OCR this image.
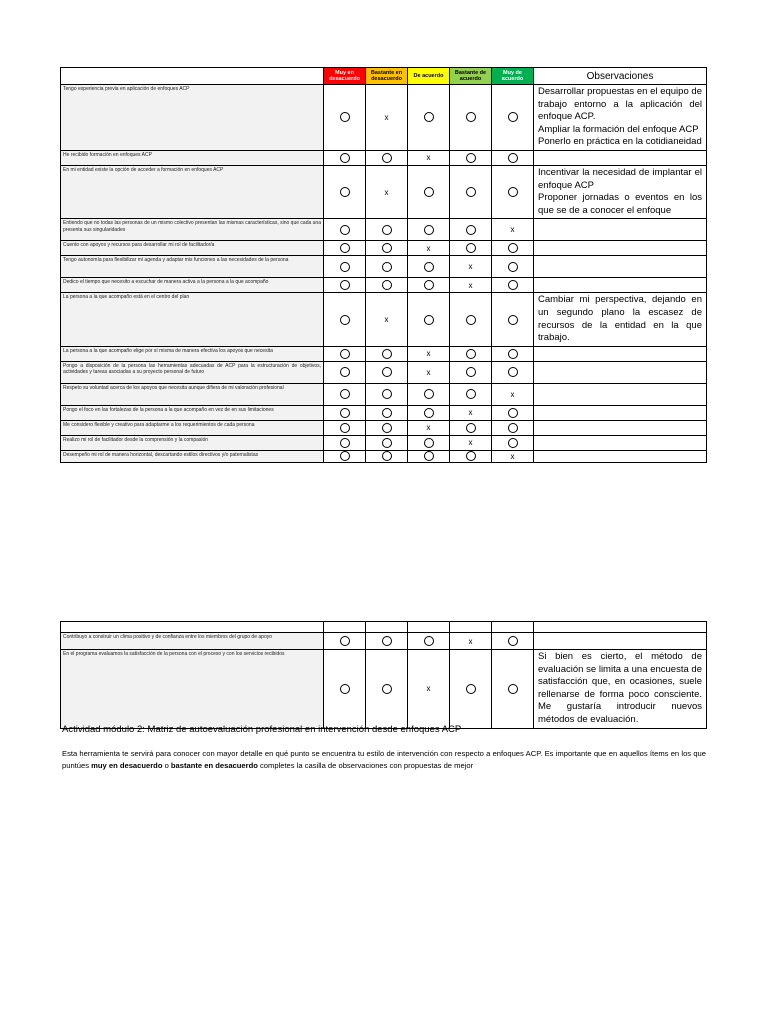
	Muy en desacuerdo	Bastante en desacuerdo	De acuerdo	Bastante de acuerdo	Muy de acuerdo	Observaciones
Tengo experiencia previa en aplicación de enfoques ACP		x				Desarrollar propuestas en el equipo de trabajo entorno a la aplicación del enfoque ACP.
Ampliar la formación del enfoque ACP
Ponerlo en práctica en la cotidianeidad
He recibido formación en enfoques ACP			x			
En mi entidad existe la opción de acceder a formación en enfoques ACP		x				Incentivar la necesidad de implantar el enfoque ACP
Proponer jornadas o eventos en los que se de a conocer el enfoque
Entiendo que no todas las personas de un mismo colectivo presentan las mismas características, sino que cada una presenta sus singularidades					x	
Cuento con apoyos y recursos para desarrollar mi rol de facilitador/a			x			
Tengo autonomía para flexibilizar mi agenda y adaptar mis funciones a las necesidades de la persona				x		
Dedico el tiempo que necesito a escuchar de manera activa a la persona a la que acompaño				x		
La persona a la que acompaño está en el centro del plan		x				Cambiar mi perspectiva, dejando en un segundo plano la escasez de recursos de la entidad en la que trabajo.
La persona a la que acompaño elige por sí misma de manera efectiva los apoyos que necesita			x			
Pongo a disposición de la persona las herramientas adecuadas de ACP para la estructuración de objetivos, actividades y tareas asociadas a su proyecto personal de futuro			x			
Respeto su voluntad acerca de los apoyos que necesita aunque difiera de mi valoración profesional					x	
Pongo el foco en las fortalezas de la persona a la que acompaño en vez de en sus limitaciones				x		
Me considero flexible y creativo para adaptarme a los requerimientos de cada persona			x			
Realizo mi rol de facilitador desde la comprensión y la compasión				x		
Desempeño mi rol de manera horizontal, descartando estilos directivos y/o paternalistas					x	

Contribuyo a construir un clima positivo y de confianza entre los miembros del grupo de apoyo				x		
En el programa evaluamos la satisfacción de la persona con el proceso y con los servicios recibidos			x			Si bien es cierto, el método de evaluación se limita a una encuesta de satisfacción que, en ocasiones, suele rellenarse de forma poco consciente. Me gustaría introducir nuevos métodos de evaluación.
Actividad módulo 2: Matriz de autoevaluación profesional en intervención desde enfoques ACP
Esta herramienta te servirá para conocer con mayor detalle en qué punto se encuentra tu estilo de intervención con respecto a enfoques ACP. Es importante que en aquellos ítems en los que puntúes muy en desacuerdo o bastante en desacuerdo completes la casilla de observaciones con propuestas de mejor
